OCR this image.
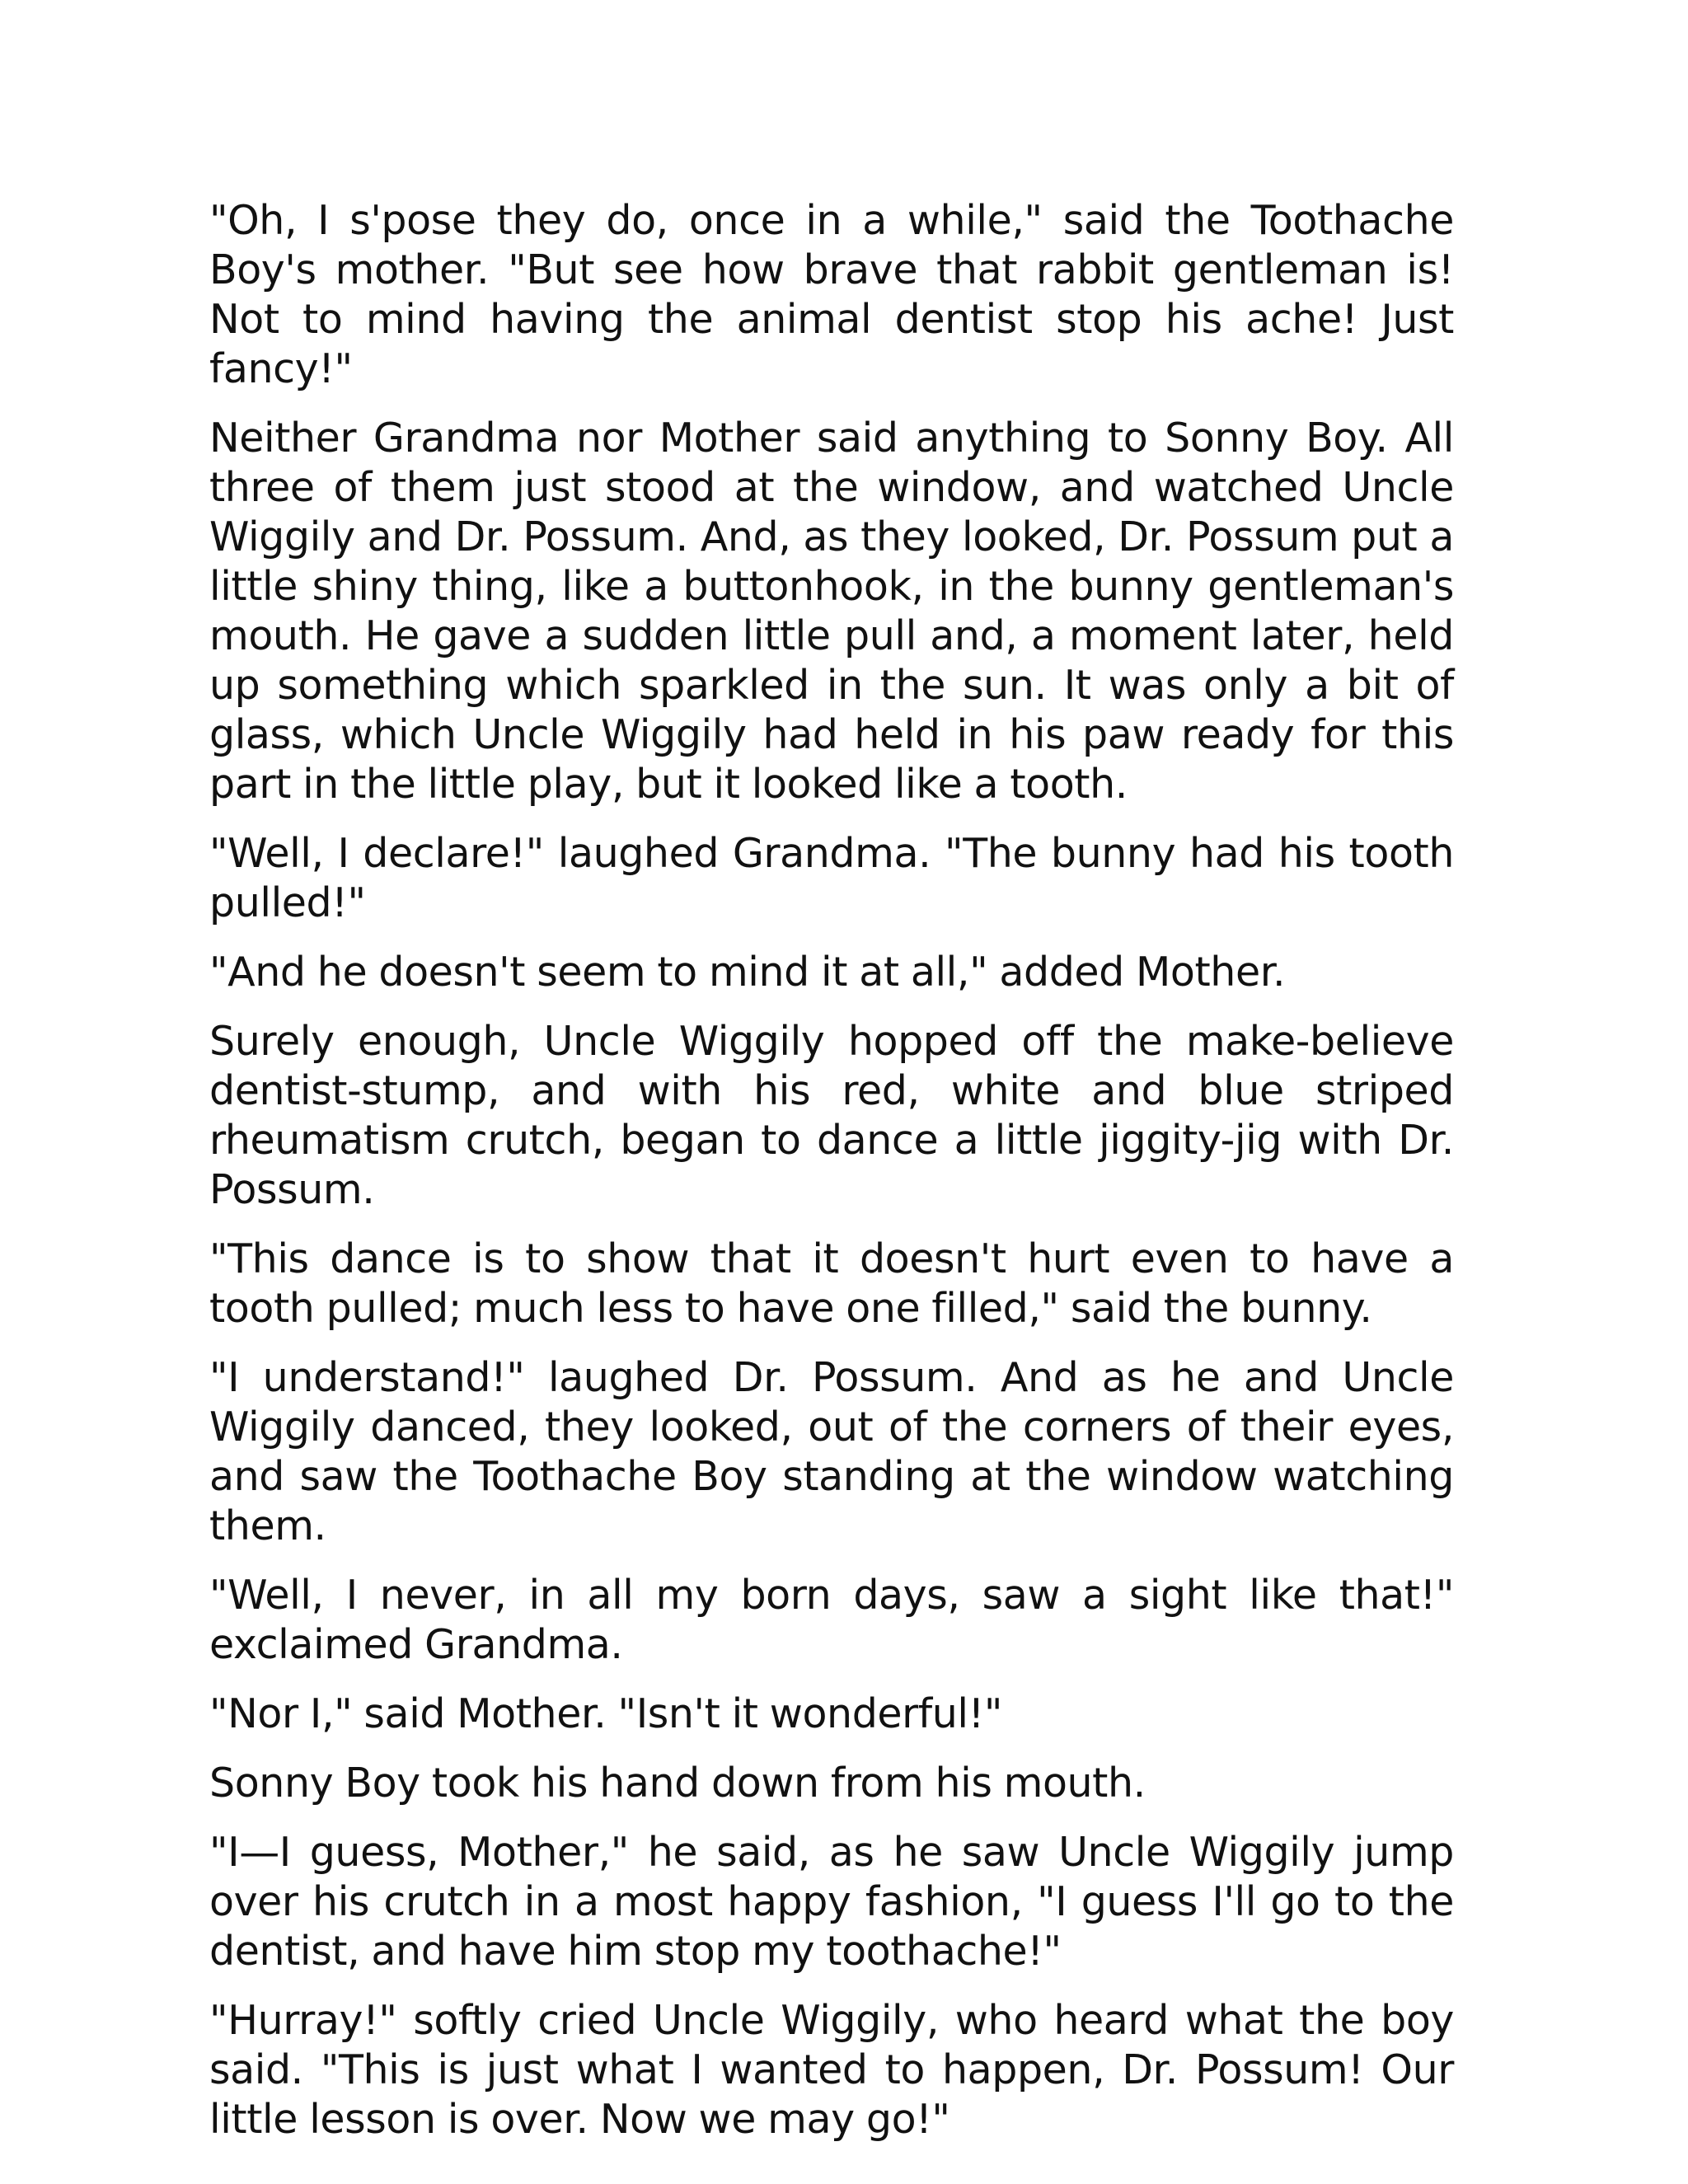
"Oh, I s'pose they do, once in a while," said the Toothache Boy's mother. "But see how brave that rabbit gentleman is! Not to mind having the animal dentist stop his ache! Just fancy!"

Neither Grandma nor Mother said anything to Sonny Boy. All three of them just stood at the window, and watched Uncle Wiggily and Dr. Possum. And, as they looked, Dr. Possum put a little shiny thing, like a buttonhook, in the bunny gentleman's mouth. He gave a sudden little pull and, a moment later, held up something which sparkled in the sun. It was only a bit of glass, which Uncle Wiggily had held in his paw ready for this part in the little play, but it looked like a tooth.

"Well, I declare!" laughed Grandma. "The bunny had his tooth pulled!"

"And he doesn't seem to mind it at all," added Mother.

Surely enough, Uncle Wiggily hopped off the make-believe dentist-stump, and with his red, white and blue striped rheumatism crutch, began to dance a little jiggity-jig with Dr. Possum.

"This dance is to show that it doesn't hurt even to have a tooth pulled; much less to have one filled," said the bunny.

"I understand!" laughed Dr. Possum. And as he and Uncle Wiggily danced, they looked, out of the corners of their eyes, and saw the Toothache Boy standing at the window watching them.

"Well, I never, in all my born days, saw a sight like that!" exclaimed Grandma.

"Nor I," said Mother. "Isn't it wonderful!"

Sonny Boy took his hand down from his mouth.

"I—I guess, Mother," he said, as he saw Uncle Wiggily jump over his crutch in a most happy fashion, "I guess I'll go to the dentist, and have him stop my toothache!"

"Hurray!" softly cried Uncle Wiggily, who heard what the boy said. "This is just what I wanted to happen, Dr. Possum! Our little lesson is over. Now we may go!"
